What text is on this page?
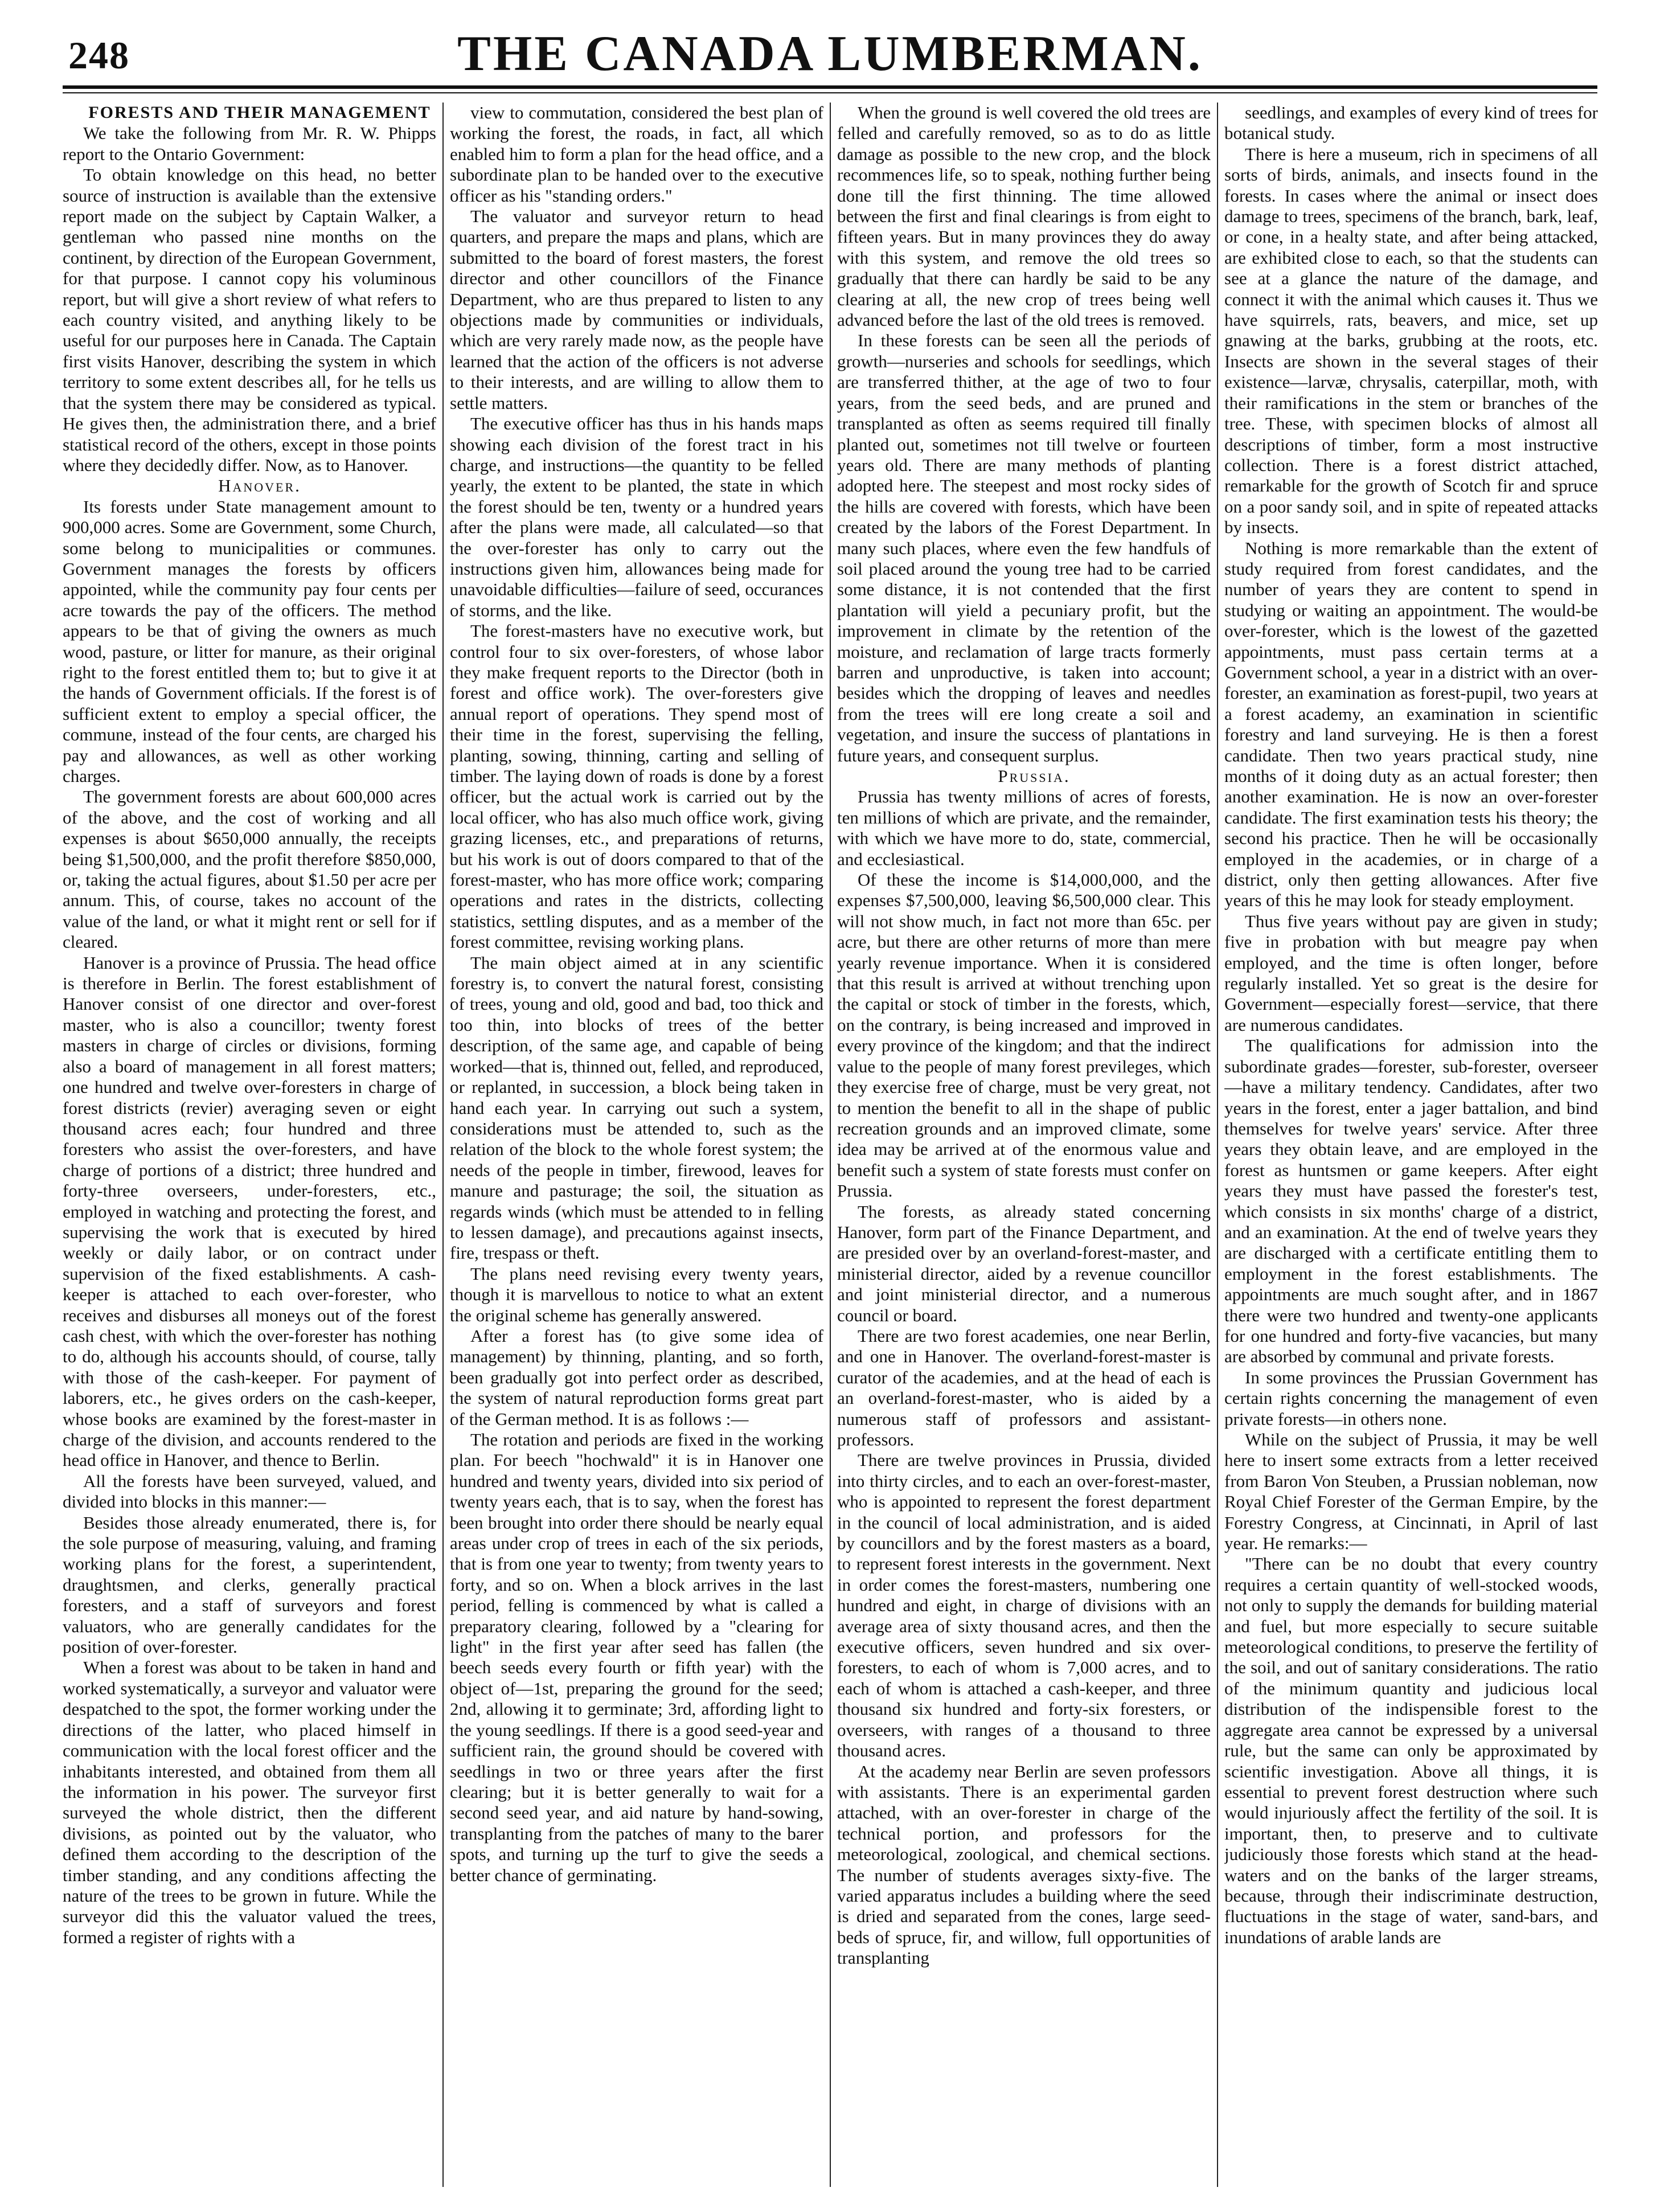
248	THE CANADA LUMBERMAN.

FORESTS AND THEIR MANAGEMENT

We take the following from Mr. R. W. Phipps report to the Ontario Government:

To obtain knowledge on this head, no better source of instruction is available than the extensive report made on the subject by Captain Walker, a gentleman who passed nine months on the continent, by direction of the European Government, for that purpose. I cannot copy his voluminous report, but will give a short review of what refers to each country visited, and anything likely to be useful for our purposes here in Canada. The Captain first visits Hanover, describing the system in which territory to some extent describes all, for he tells us that the system there may be considered as typical. He gives then, the administration there, and a brief statistical record of the others, except in those points where they decidedly differ. Now, as to Hanover.

Hanover.

Its forests under State management amount to 900,000 acres. Some are Government, some Church, some belong to municipalities or communes. Government manages the forests by officers appointed, while the community pay four cents per acre towards the pay of the officers. The method appears to be that of giving the owners as much wood, pasture, or litter for manure, as their original right to the forest entitled them to; but to give it at the hands of Government officials. If the forest is of sufficient extent to employ a special officer, the commune, instead of the four cents, are charged his pay and allowances, as well as other working charges.

The government forests are about 600,000 acres of the above, and the cost of working and all expenses is about $650,000 annually, the receipts being $1,500,000, and the profit therefore $850,000, or, taking the actual figures, about $1.50 per acre per annum. This, of course, takes no account of the value of the land, or what it might rent or sell for if cleared.

Hanover is a province of Prussia. The head office is therefore in Berlin. The forest establishment of Hanover consist of one director and over-forest master, who is also a councillor; twenty forest masters in charge of circles or divisions, forming also a board of management in all forest matters; one hundred and twelve over-foresters in charge of forest districts (revier) averaging seven or eight thousand acres each; four hundred and three foresters who assist the over-foresters, and have charge of portions of a district; three hundred and forty-three overseers, under-foresters, etc., employed in watching and protecting the forest, and supervising the work that is executed by hired weekly or daily labor, or on contract under supervision of the fixed establishments. A cash-keeper is attached to each over-forester, who receives and disburses all moneys out of the forest cash chest, with which the over-forester has nothing to do, although his accounts should, of course, tally with those of the cash-keeper. For payment of laborers, etc., he gives orders on the cash-keeper, whose books are examined by the forest-master in charge of the division, and accounts rendered to the head office in Hanover, and thence to Berlin.

All the forests have been surveyed, valued, and divided into blocks in this manner:—

Besides those already enumerated, there is, for the sole purpose of measuring, valuing, and framing working plans for the forest, a superintendent, draughtsmen, and clerks, generally practical foresters, and a staff of surveyors and forest valuators, who are generally candidates for the position of over-forester.

When a forest was about to be taken in hand and worked systematically, a surveyor and valuator were despatched to the spot, the former working under the directions of the latter, who placed himself in communication with the local forest officer and the inhabitants interested, and obtained from them all the information in his power. The surveyor first surveyed the whole district, then the different divisions, as pointed out by the valuator, who defined them according to the description of the timber standing, and any conditions affecting the nature of the trees to be grown in future. While the surveyor did this the valuator valued the trees, formed a register of rights with a

view to commutation, considered the best plan of working the forest, the roads, in fact, all which enabled him to form a plan for the head office, and a subordinate plan to be handed over to the executive officer as his "standing orders."

The valuator and surveyor return to head quarters, and prepare the maps and plans, which are submitted to the board of forest masters, the forest director and other councillors of the Finance Department, who are thus prepared to listen to any objections made by communities or individuals, which are very rarely made now, as the people have learned that the action of the officers is not adverse to their interests, and are willing to allow them to settle matters.

The executive officer has thus in his hands maps showing each division of the forest tract in his charge, and instructions—the quantity to be felled yearly, the extent to be planted, the state in which the forest should be ten, twenty or a hundred years after the plans were made, all calculated—so that the over-forester has only to carry out the instructions given him, allowances being made for unavoidable difficulties—failure of seed, occurances of storms, and the like.

The forest-masters have no executive work, but control four to six over-foresters, of whose labor they make frequent reports to the Director (both in forest and office work). The over-foresters give annual report of operations. They spend most of their time in the forest, supervising the felling, planting, sowing, thinning, carting and selling of timber. The laying down of roads is done by a forest officer, but the actual work is carried out by the local officer, who has also much office work, giving grazing licenses, etc., and preparations of returns, but his work is out of doors compared to that of the forest-master, who has more office work; comparing operations and rates in the districts, collecting statistics, settling disputes, and as a member of the forest committee, revising working plans.

The main object aimed at in any scientific forestry is, to convert the natural forest, consisting of trees, young and old, good and bad, too thick and too thin, into blocks of trees of the better description, of the same age, and capable of being worked—that is, thinned out, felled, and reproduced, or replanted, in succession, a block being taken in hand each year. In carrying out such a system, considerations must be attended to, such as the relation of the block to the whole forest system; the needs of the people in timber, firewood, leaves for manure and pasturage; the soil, the situation as regards winds (which must be attended to in felling to lessen damage), and precautions against insects, fire, trespass or theft.

The plans need revising every twenty years, though it is marvellous to notice to what an extent the original scheme has generally answered.

After a forest has (to give some idea of management) by thinning, planting, and so forth, been gradually got into perfect order as described, the system of natural reproduction forms great part of the German method. It is as follows :—

The rotation and periods are fixed in the working plan. For beech "hochwald" it is in Hanover one hundred and twenty years, divided into six period of twenty years each, that is to say, when the forest has been brought into order there should be nearly equal areas under crop of trees in each of the six periods, that is from one year to twenty; from twenty years to forty, and so on. When a block arrives in the last period, felling is commenced by what is called a preparatory clearing, followed by a "clearing for light" in the first year after seed has fallen (the beech seeds every fourth or fifth year) with the object of—1st, preparing the ground for the seed; 2nd, allowing it to germinate; 3rd, affording light to the young seedlings. If there is a good seed-year and sufficient rain, the ground should be covered with seedlings in two or three years after the first clearing; but it is better generally to wait for a second seed year, and aid nature by hand-sowing, transplanting from the patches of many to the barer spots, and turning up the turf to give the seeds a better chance of germinating.

When the ground is well covered the old trees are felled and carefully removed, so as to do as little damage as possible to the new crop, and the block recommences life, so to speak, nothing further being done till the first thinning. The time allowed between the first and final clearings is from eight to fifteen years. But in many provinces they do away with this system, and remove the old trees so gradually that there can hardly be said to be any clearing at all, the new crop of trees being well advanced before the last of the old trees is removed.

In these forests can be seen all the periods of growth—nurseries and schools for seedlings, which are transferred thither, at the age of two to four years, from the seed beds, and are pruned and transplanted as often as seems required till finally planted out, sometimes not till twelve or fourteen years old. There are many methods of planting adopted here. The steepest and most rocky sides of the hills are covered with forests, which have been created by the labors of the Forest Department. In many such places, where even the few handfuls of soil placed around the young tree had to be carried some distance, it is not contended that the first plantation will yield a pecuniary profit, but the improvement in climate by the retention of the moisture, and reclamation of large tracts formerly barren and unproductive, is taken into account; besides which the dropping of leaves and needles from the trees will ere long create a soil and vegetation, and insure the success of plantations in future years, and consequent surplus.

Prussia.

Prussia has twenty millions of acres of forests, ten millions of which are private, and the remainder, with which we have more to do, state, commercial, and ecclesiastical.

Of these the income is $14,000,000, and the expenses $7,500,000, leaving $6,500,000 clear. This will not show much, in fact not more than 65c. per acre, but there are other returns of more than mere yearly revenue importance. When it is considered that this result is arrived at without trenching upon the capital or stock of timber in the forests, which, on the contrary, is being increased and improved in every province of the kingdom; and that the indirect value to the people of many forest previleges, which they exercise free of charge, must be very great, not to mention the benefit to all in the shape of public recreation grounds and an improved climate, some idea may be arrived at of the enormous value and benefit such a system of state forests must confer on Prussia.

The forests, as already stated concerning Hanover, form part of the Finance Department, and are presided over by an overland-forest-master, and ministerial director, aided by a revenue councillor and joint ministerial director, and a numerous council or board.

There are two forest academies, one near Berlin, and one in Hanover. The overland-forest-master is curator of the academies, and at the head of each is an overland-forest-master, who is aided by a numerous staff of professors and assistant-professors.

There are twelve provinces in Prussia, divided into thirty circles, and to each an over-forest-master, who is appointed to represent the forest department in the council of local administration, and is aided by councillors and by the forest masters as a board, to represent forest interests in the government. Next in order comes the forest-masters, numbering one hundred and eight, in charge of divisions with an average area of sixty thousand acres, and then the executive officers, seven hundred and six over-foresters, to each of whom is 7,000 acres, and to each of whom is attached a cash-keeper, and three thousand six hundred and forty-six foresters, or overseers, with ranges of a thousand to three thousand acres.

At the academy near Berlin are seven professors with assistants. There is an experimental garden attached, with an over-forester in charge of the technical portion, and professors for the meteorological, zoological, and chemical sections. The number of students averages sixty-five. The varied apparatus includes a building where the seed is dried and separated from the cones, large seed-beds of spruce, fir, and willow, full opportunities of transplanting

seedlings, and examples of every kind of trees for botanical study.

There is here a museum, rich in specimens of all sorts of birds, animals, and insects found in the forests. In cases where the animal or insect does damage to trees, specimens of the branch, bark, leaf, or cone, in a healty state, and after being attacked, are exhibited close to each, so that the students can see at a glance the nature of the damage, and connect it with the animal which causes it. Thus we have squirrels, rats, beavers, and mice, set up gnawing at the barks, grubbing at the roots, etc. Insects are shown in the several stages of their existence—larvæ, chrysalis, caterpillar, moth, with their ramifications in the stem or branches of the tree. These, with specimen blocks of almost all descriptions of timber, form a most instructive collection. There is a forest district attached, remarkable for the growth of Scotch fir and spruce on a poor sandy soil, and in spite of repeated attacks by insects.

Nothing is more remarkable than the extent of study required from forest candidates, and the number of years they are content to spend in studying or waiting an appointment. The would-be over-forester, which is the lowest of the gazetted appointments, must pass certain terms at a Government school, a year in a district with an over-forester, an examination as forest-pupil, two years at a forest academy, an examination in scientific forestry and land surveying. He is then a forest candidate. Then two years practical study, nine months of it doing duty as an actual forester; then another examination. He is now an over-forester candidate. The first examination tests his theory; the second his practice. Then he will be occasionally employed in the academies, or in charge of a district, only then getting allowances. After five years of this he may look for steady employment.

Thus five years without pay are given in study; five in probation with but meagre pay when employed, and the time is often longer, before regularly installed. Yet so great is the desire for Government—especially forest—service, that there are numerous candidates.

The qualifications for admission into the subordinate grades—forester, sub-forester, overseer—have a military tendency. Candidates, after two years in the forest, enter a jager battalion, and bind themselves for twelve years' service. After three years they obtain leave, and are employed in the forest as huntsmen or game keepers. After eight years they must have passed the forester's test, which consists in six months' charge of a district, and an examination. At the end of twelve years they are discharged with a certificate entitling them to employment in the forest establishments. The appointments are much sought after, and in 1867 there were two hundred and twenty-one applicants for one hundred and forty-five vacancies, but many are absorbed by communal and private forests.

In some provinces the Prussian Government has certain rights concerning the management of even private forests—in others none.

While on the subject of Prussia, it may be well here to insert some extracts from a letter received from Baron Von Steuben, a Prussian nobleman, now Royal Chief Forester of the German Empire, by the Forestry Congress, at Cincinnati, in April of last year. He remarks:—

"There can be no doubt that every country requires a certain quantity of well-stocked woods, not only to supply the demands for building material and fuel, but more especially to secure suitable meteorological conditions, to preserve the fertility of the soil, and out of sanitary considerations. The ratio of the minimum quantity and judicious local distribution of the indispensible forest to the aggregate area cannot be expressed by a universal rule, but the same can only be approximated by scientific investigation. Above all things, it is essential to prevent forest destruction where such would injuriously affect the fertility of the soil. It is important, then, to preserve and to cultivate judiciously those forests which stand at the head-waters and on the banks of the larger streams, because, through their indiscriminate destruction, fluctuations in the stage of water, sand-bars, and inundations of arable lands are
